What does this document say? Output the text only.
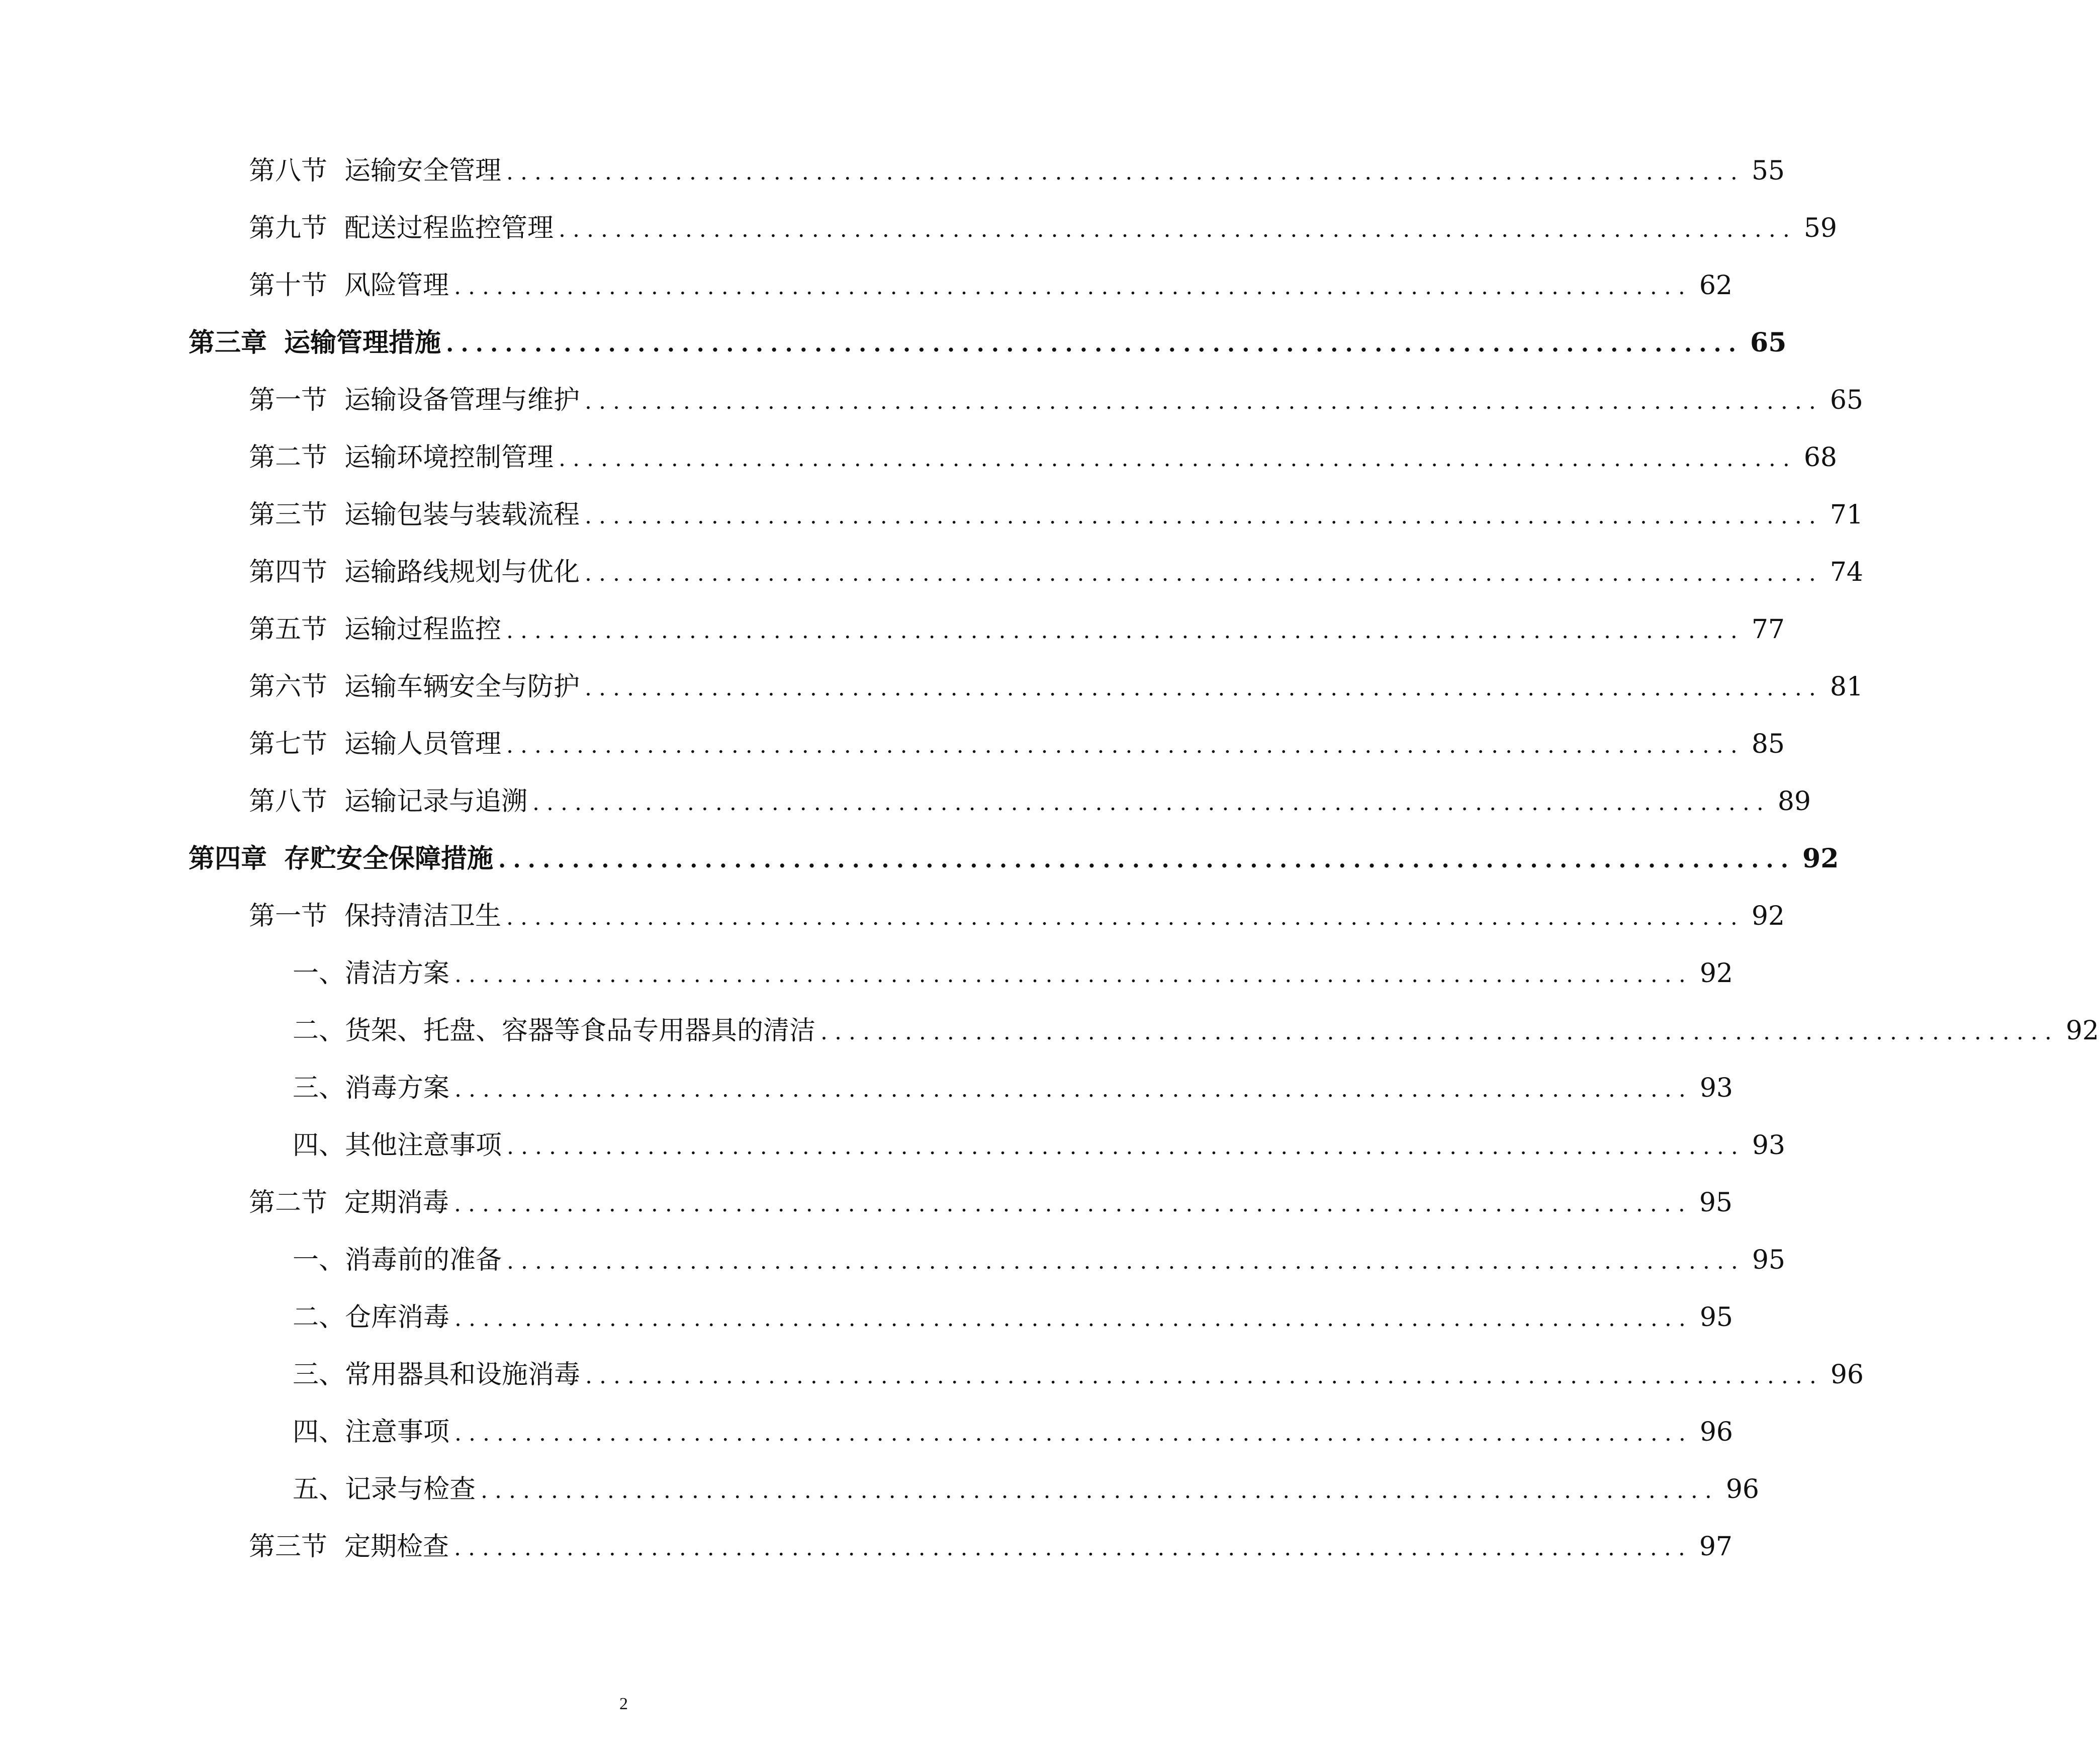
第八节 运输安全管理 ........................................................................................ 55
第九节 配送过程监控管理 ........................................................................................ 59
第十节 风险管理 ........................................................................................ 62
第三章 运输管理措施 ........................................................................................ 65
第一节 运输设备管理与维护 ........................................................................................ 65
第二节 运输环境控制管理 ........................................................................................ 68
第三节 运输包装与装载流程 ........................................................................................ 71
第四节 运输路线规划与优化 ........................................................................................ 74
第五节 运输过程监控 ........................................................................................ 77
第六节 运输车辆安全与防护 ........................................................................................ 81
第七节 运输人员管理 ........................................................................................ 85
第八节 运输记录与追溯 ........................................................................................ 89
第四章 存贮安全保障措施 ........................................................................................ 92
第一节 保持清洁卫生 ........................................................................................ 92
一、 清洁方案 ........................................................................................ 92
二、 货架、托盘、容器等食品专用器具的清洁 ........................................................................................ 92
三、 消毒方案 ........................................................................................ 93
四、 其他注意事项 ........................................................................................ 93
第二节 定期消毒 ........................................................................................ 95
一、 消毒前的准备 ........................................................................................ 95
二、 仓库消毒 ........................................................................................ 95
三、 常用器具和设施消毒 ........................................................................................ 96
四、 注意事项 ........................................................................................ 96
五、 记录与检查 ........................................................................................ 96
第三节 定期检查 ........................................................................................ 97
2
